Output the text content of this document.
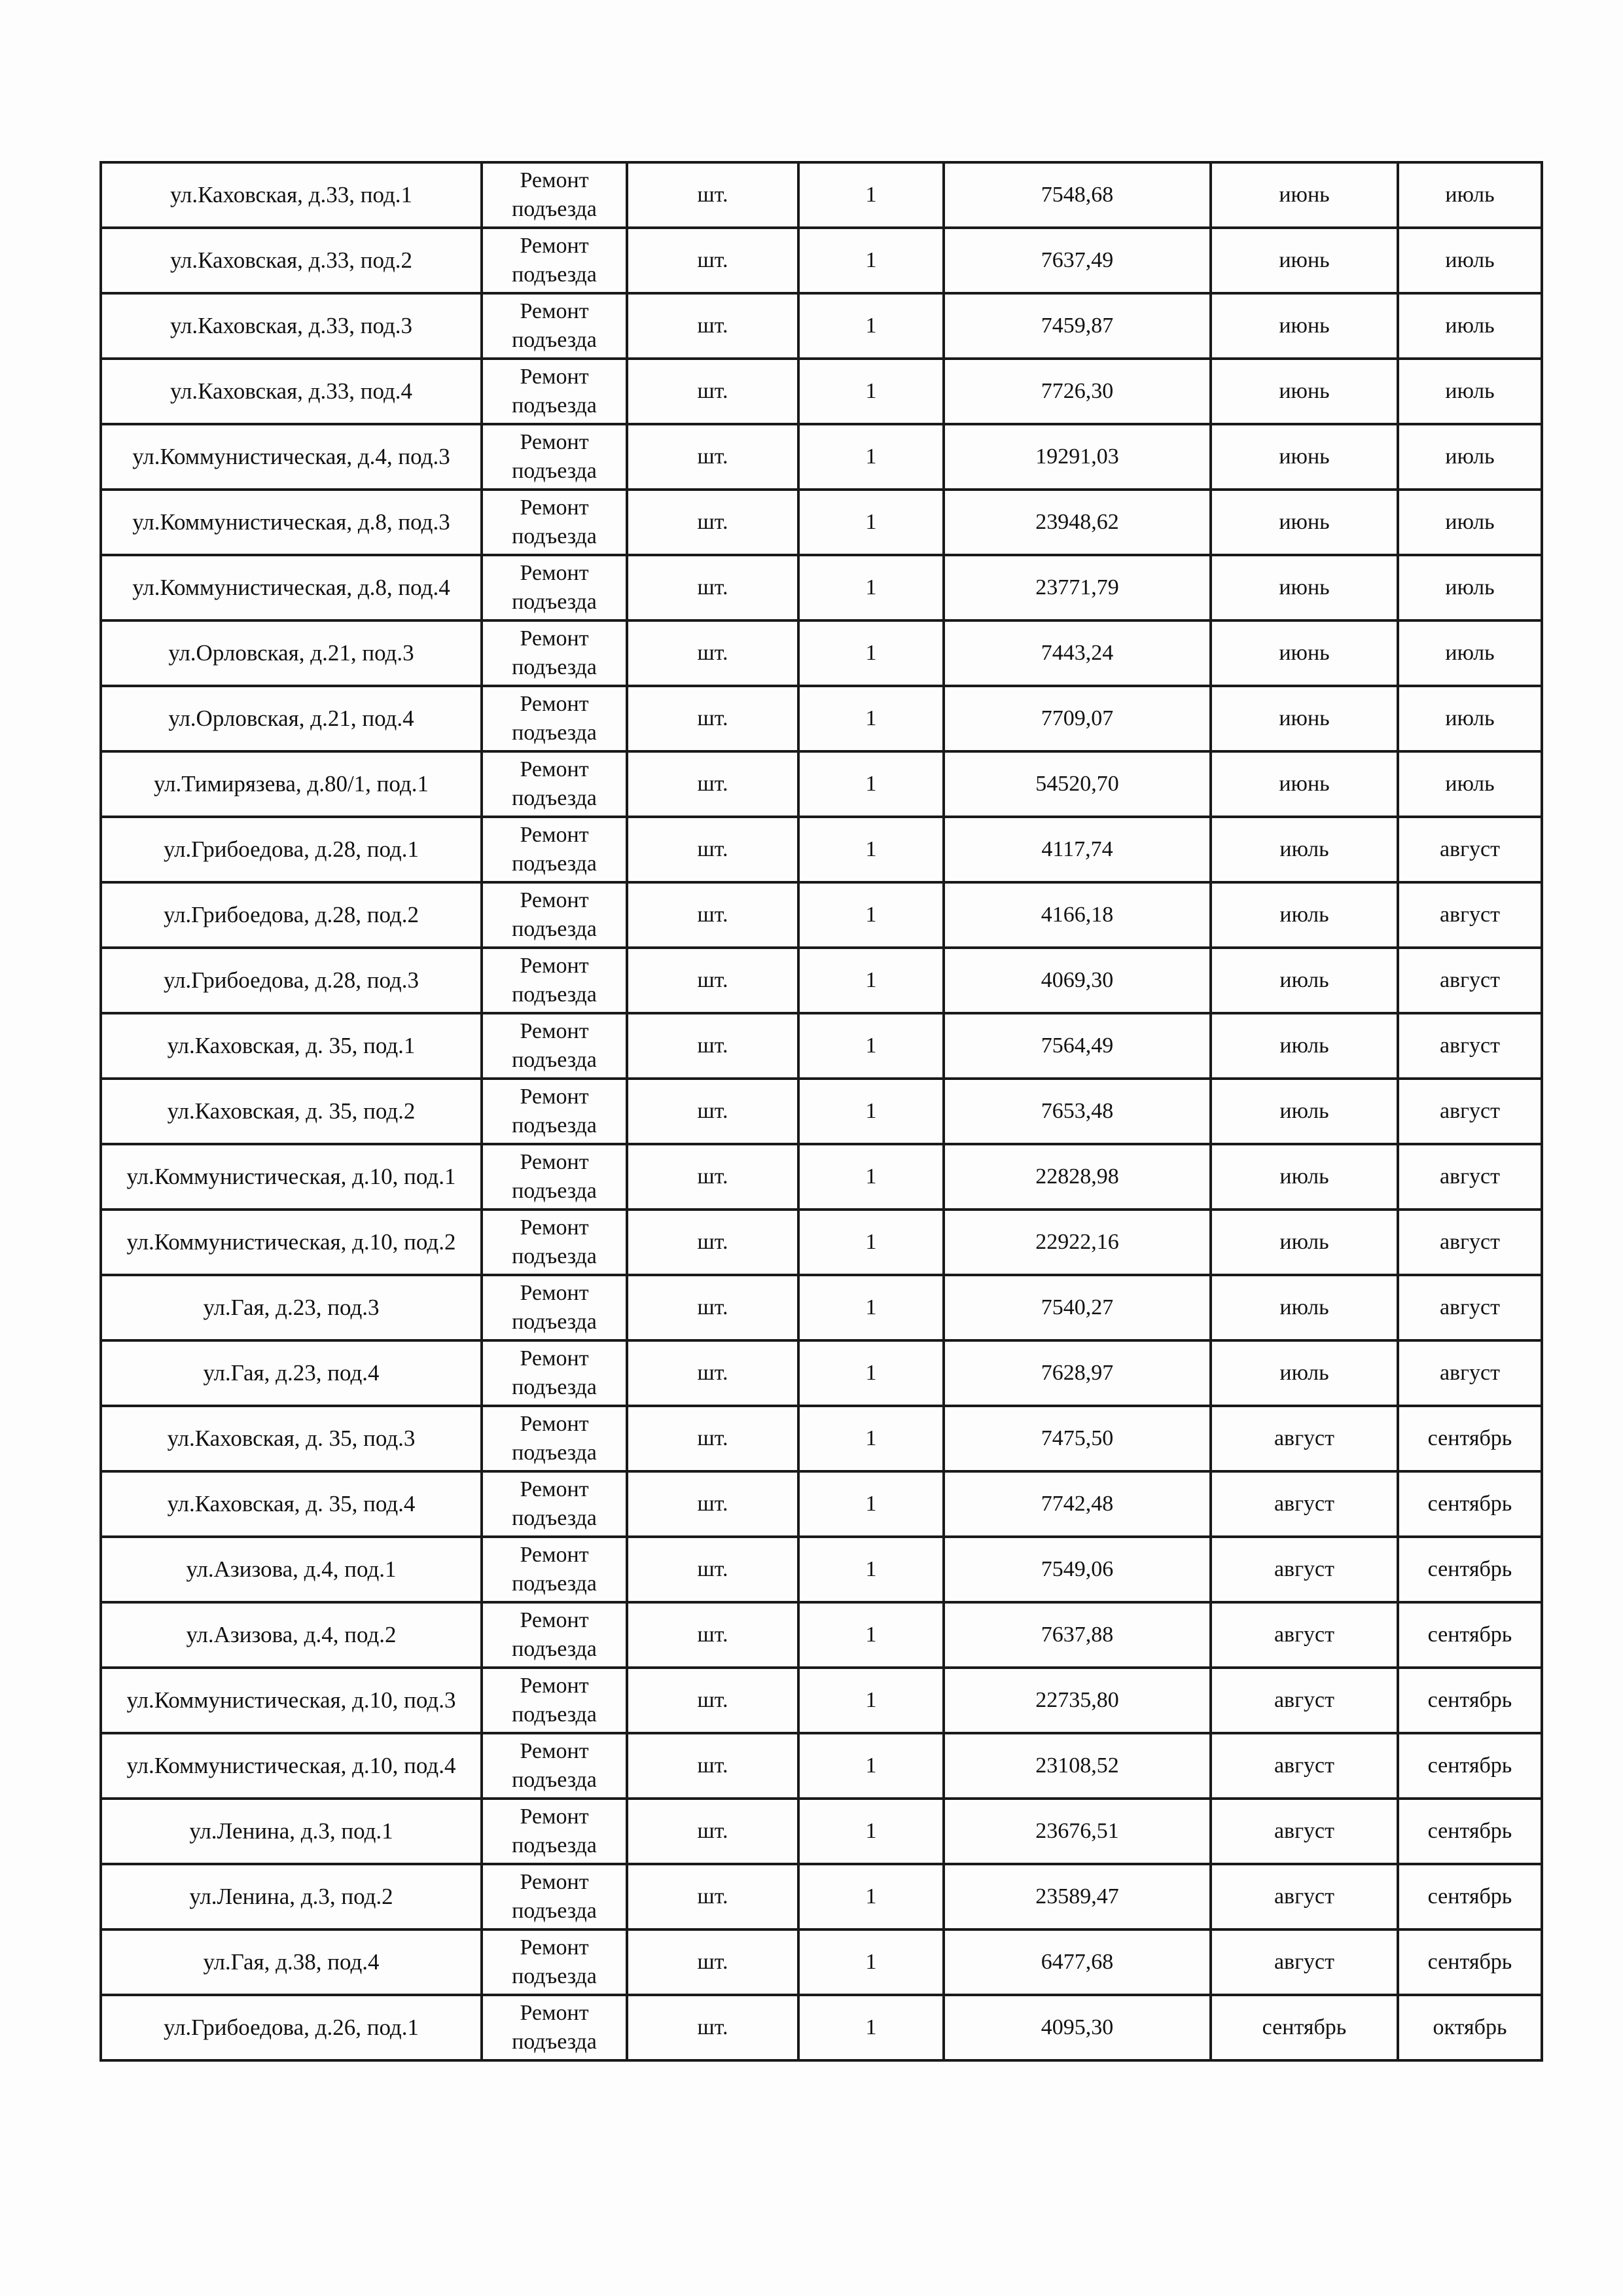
ул.Каховская, д.33, под.1	Ремонт подъезда	шт.	1	7548,68	июнь	июль
ул.Каховская, д.33, под.2	Ремонт подъезда	шт.	1	7637,49	июнь	июль
ул.Каховская, д.33, под.3	Ремонт подъезда	шт.	1	7459,87	июнь	июль
ул.Каховская, д.33, под.4	Ремонт подъезда	шт.	1	7726,30	июнь	июль
ул.Коммунистическая, д.4, под.3	Ремонт подъезда	шт.	1	19291,03	июнь	июль
ул.Коммунистическая, д.8, под.3	Ремонт подъезда	шт.	1	23948,62	июнь	июль
ул.Коммунистическая, д.8, под.4	Ремонт подъезда	шт.	1	23771,79	июнь	июль
ул.Орловская, д.21, под.3	Ремонт подъезда	шт.	1	7443,24	июнь	июль
ул.Орловская, д.21, под.4	Ремонт подъезда	шт.	1	7709,07	июнь	июль
ул.Тимирязева, д.80/1, под.1	Ремонт подъезда	шт.	1	54520,70	июнь	июль
ул.Грибоедова, д.28, под.1	Ремонт подъезда	шт.	1	4117,74	июль	август
ул.Грибоедова, д.28, под.2	Ремонт подъезда	шт.	1	4166,18	июль	август
ул.Грибоедова, д.28, под.3	Ремонт подъезда	шт.	1	4069,30	июль	август
ул.Каховская, д. 35, под.1	Ремонт подъезда	шт.	1	7564,49	июль	август
ул.Каховская, д. 35, под.2	Ремонт подъезда	шт.	1	7653,48	июль	август
ул.Коммунистическая, д.10, под.1	Ремонт подъезда	шт.	1	22828,98	июль	август
ул.Коммунистическая, д.10, под.2	Ремонт подъезда	шт.	1	22922,16	июль	август
ул.Гая, д.23, под.3	Ремонт подъезда	шт.	1	7540,27	июль	август
ул.Гая, д.23, под.4	Ремонт подъезда	шт.	1	7628,97	июль	август
ул.Каховская, д. 35, под.3	Ремонт подъезда	шт.	1	7475,50	август	сентябрь
ул.Каховская, д. 35, под.4	Ремонт подъезда	шт.	1	7742,48	август	сентябрь
ул.Азизова, д.4, под.1	Ремонт подъезда	шт.	1	7549,06	август	сентябрь
ул.Азизова, д.4, под.2	Ремонт подъезда	шт.	1	7637,88	август	сентябрь
ул.Коммунистическая, д.10, под.3	Ремонт подъезда	шт.	1	22735,80	август	сентябрь
ул.Коммунистическая, д.10, под.4	Ремонт подъезда	шт.	1	23108,52	август	сентябрь
ул.Ленина, д.3, под.1	Ремонт подъезда	шт.	1	23676,51	август	сентябрь
ул.Ленина, д.3, под.2	Ремонт подъезда	шт.	1	23589,47	август	сентябрь
ул.Гая, д.38, под.4	Ремонт подъезда	шт.	1	6477,68	август	сентябрь
ул.Грибоедова, д.26, под.1	Ремонт подъезда	шт.	1	4095,30	сентябрь	октябрь
